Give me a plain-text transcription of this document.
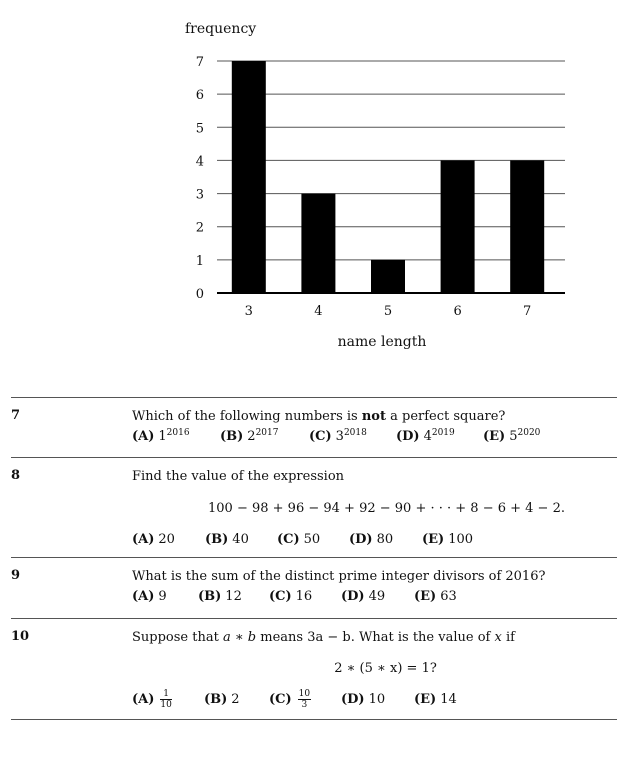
frequency
0
1
2
3
4
5
6
7
3	4	5	6	7
name length
7	Which of the following numbers is not a perfect square?
(A) $1^{2016}$	(B) $2^{2017}$	(C) $3^{2018}$	(D) $4^{2019}$	(E) $5^{2020}$
8	Find the value of the expression
100 − 98 + 96 − 94 + 92 − 90 + · · · + 8 − 6 + 4 − 2.
(A) 20	(B) 40	(C) 50	(D) 80	(E) 100
9	What is the sum of the distinct prime integer divisors of 2016?
(A) 9	(B) 12	(C) 16	(D) 49	(E) 63
10	Suppose that a ∗ b means 3a − b. What is the value of x if
2 ∗ (5 ∗ x) = 1?
$(A) \frac{1}{10} (B)$ 2	$(C) \frac{10}{3} (D)$ 10	(E) 14
